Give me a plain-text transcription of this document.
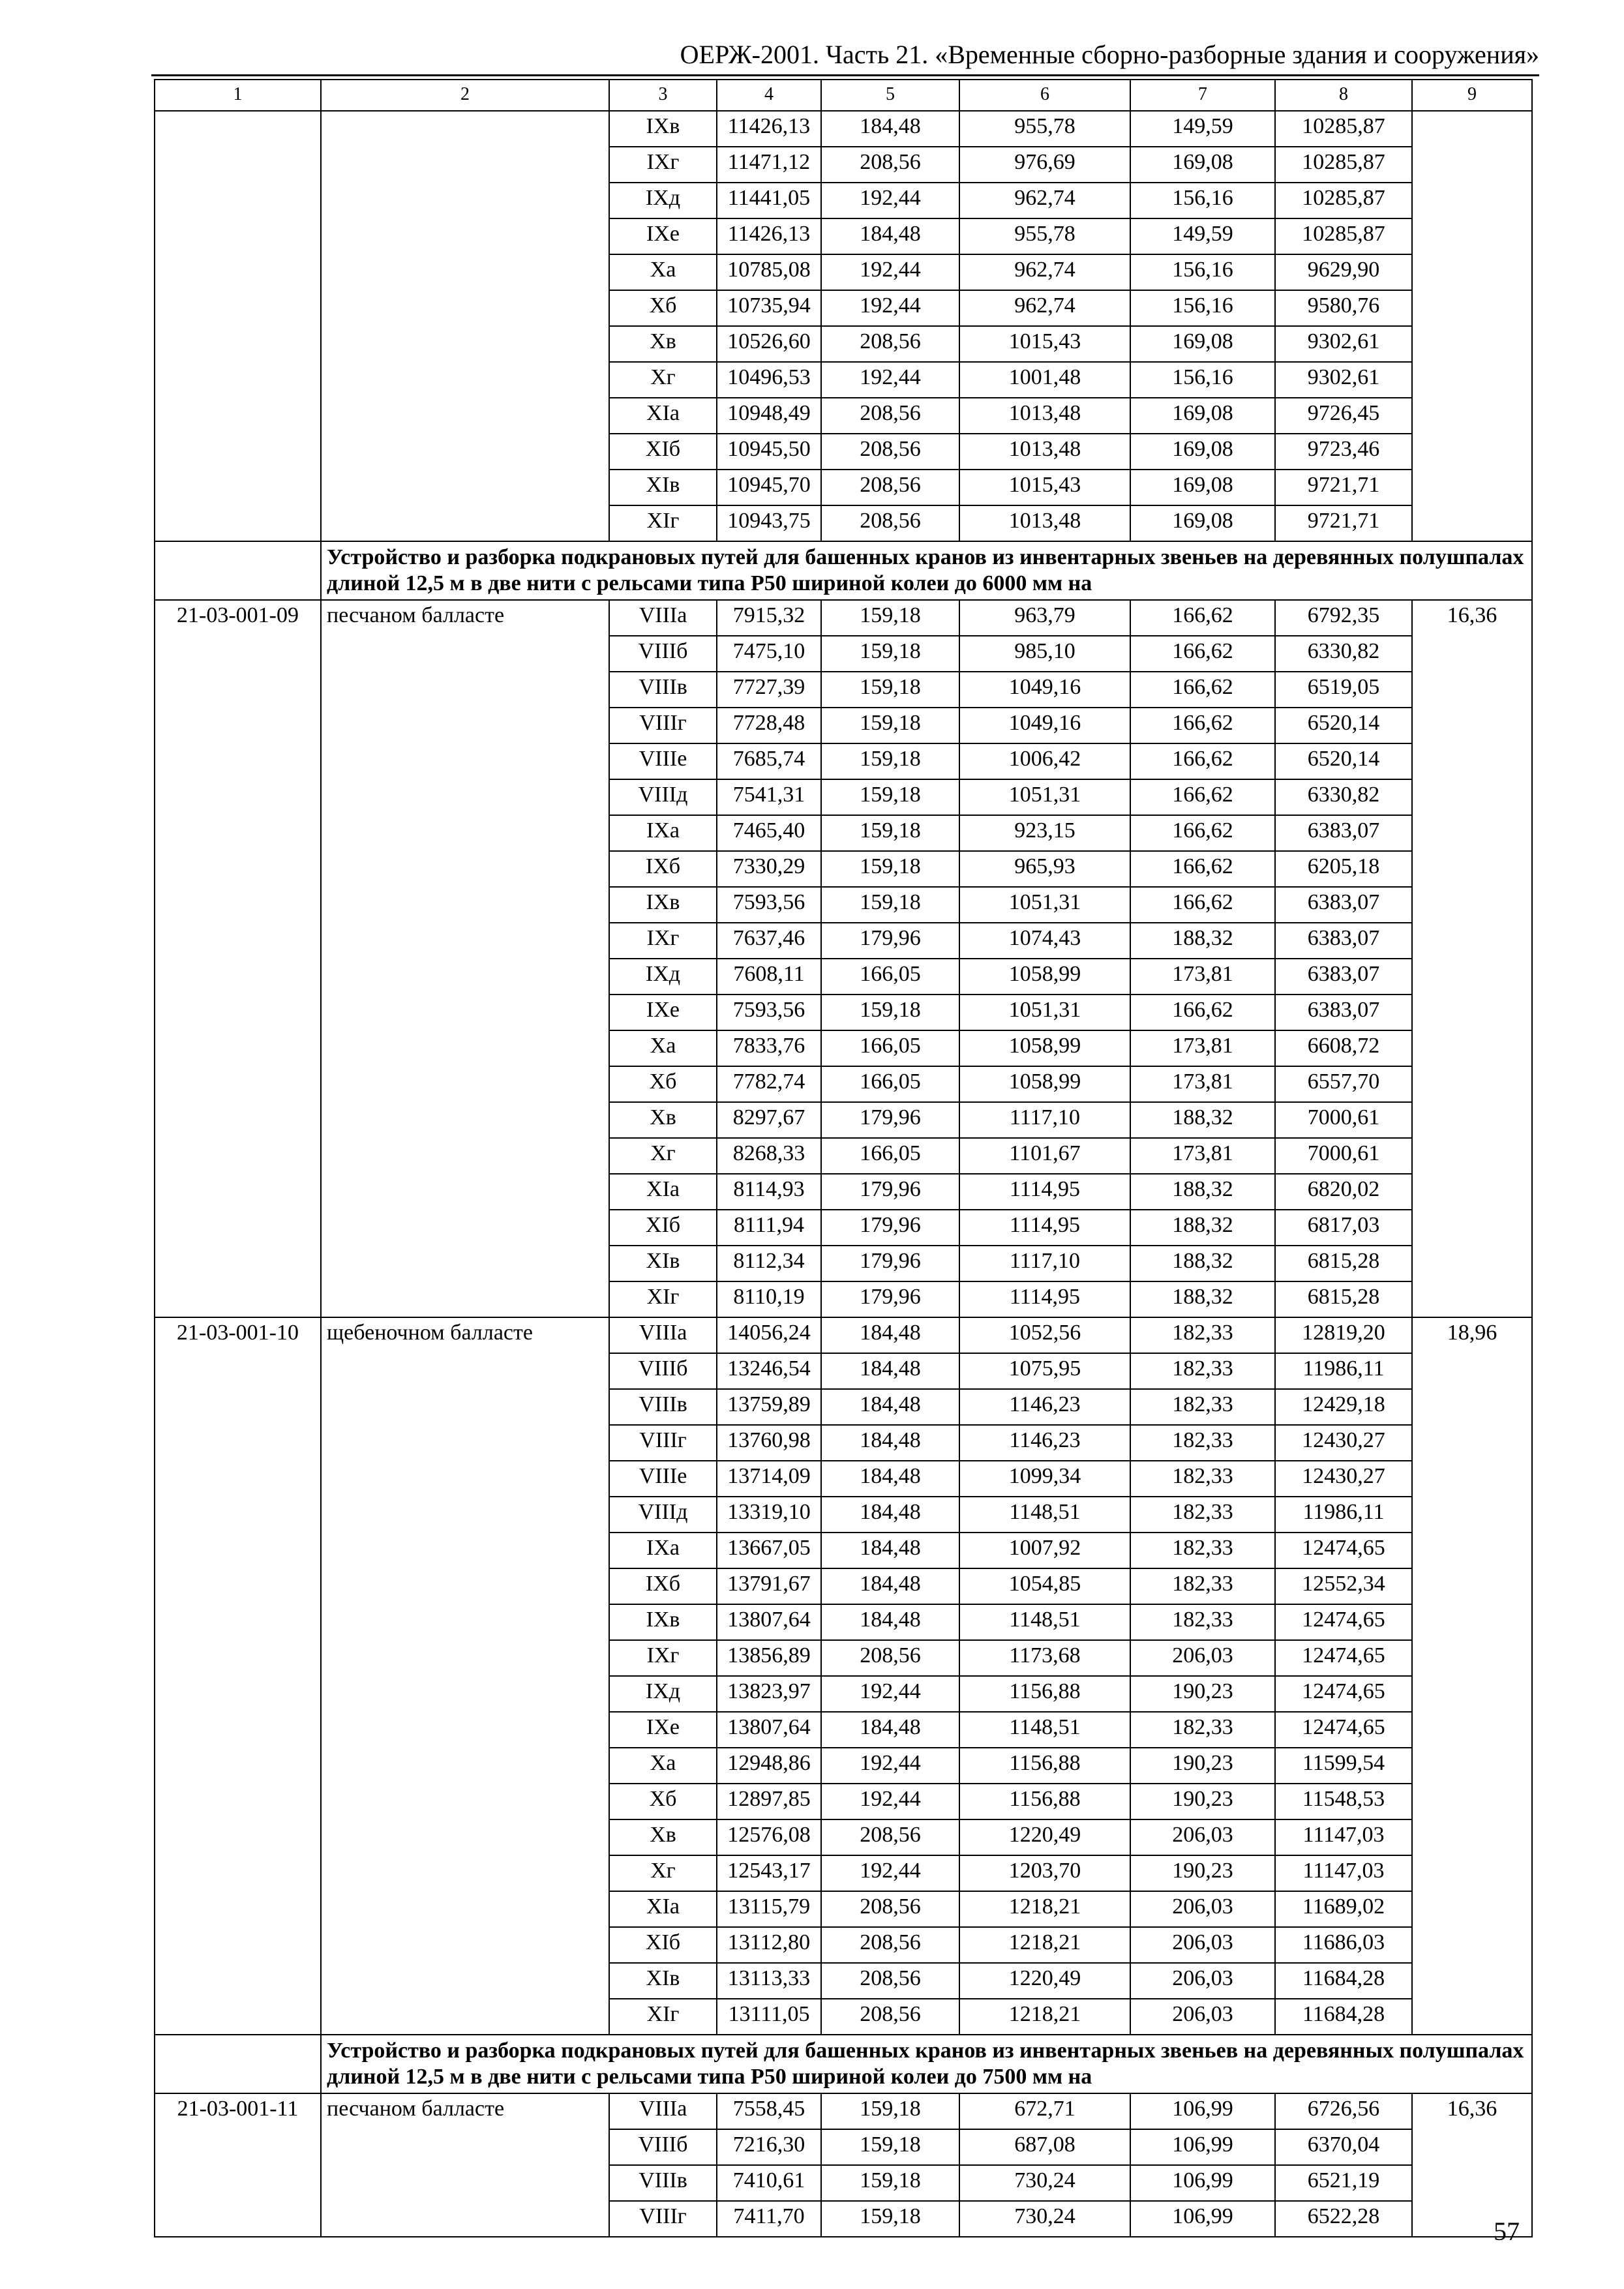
ОЕРЖ-2001. Часть 21. «Временные сборно-разборные здания и сооружения»
1	2	3	4	5	6	7	8	9
		IXв	11426,13	184,48	955,78	149,59	10285,87	
		IXг	11471,12	208,56	976,69	169,08	10285,87	
		IXд	11441,05	192,44	962,74	156,16	10285,87	
		IXе	11426,13	184,48	955,78	149,59	10285,87	
		Xа	10785,08	192,44	962,74	156,16	9629,90	
		Xб	10735,94	192,44	962,74	156,16	9580,76	
		Xв	10526,60	208,56	1015,43	169,08	9302,61	
		Xг	10496,53	192,44	1001,48	156,16	9302,61	
		XIа	10948,49	208,56	1013,48	169,08	9726,45	
		XIб	10945,50	208,56	1013,48	169,08	9723,46	
		XIв	10945,70	208,56	1015,43	169,08	9721,71	
		XIг	10943,75	208,56	1013,48	169,08	9721,71	
	Устройство и разборка подкрановых путей для башенных кранов из инвентарных звеньев на деревянных полушпалах длиной 12,5 м в две нити с рельсами типа Р50 шириной колеи до 6000 мм на							
21-03-001-09	песчаном балласте	VIIIа	7915,32	159,18	963,79	166,62	6792,35	16,36
		VIIIб	7475,10	159,18	985,10	166,62	6330,82	
		VIIIв	7727,39	159,18	1049,16	166,62	6519,05	
		VIIIг	7728,48	159,18	1049,16	166,62	6520,14	
		VIIIе	7685,74	159,18	1006,42	166,62	6520,14	
		VIIIд	7541,31	159,18	1051,31	166,62	6330,82	
		IXа	7465,40	159,18	923,15	166,62	6383,07	
		IXб	7330,29	159,18	965,93	166,62	6205,18	
		IXв	7593,56	159,18	1051,31	166,62	6383,07	
		IXг	7637,46	179,96	1074,43	188,32	6383,07	
		IXд	7608,11	166,05	1058,99	173,81	6383,07	
		IXе	7593,56	159,18	1051,31	166,62	6383,07	
		Xа	7833,76	166,05	1058,99	173,81	6608,72	
		Xб	7782,74	166,05	1058,99	173,81	6557,70	
		Xв	8297,67	179,96	1117,10	188,32	7000,61	
		Xг	8268,33	166,05	1101,67	173,81	7000,61	
		XIа	8114,93	179,96	1114,95	188,32	6820,02	
		XIб	8111,94	179,96	1114,95	188,32	6817,03	
		XIв	8112,34	179,96	1117,10	188,32	6815,28	
		XIг	8110,19	179,96	1114,95	188,32	6815,28	
21-03-001-10	щебеночном балласте	VIIIа	14056,24	184,48	1052,56	182,33	12819,20	18,96
		VIIIб	13246,54	184,48	1075,95	182,33	11986,11	
		VIIIв	13759,89	184,48	1146,23	182,33	12429,18	
		VIIIг	13760,98	184,48	1146,23	182,33	12430,27	
		VIIIе	13714,09	184,48	1099,34	182,33	12430,27	
		VIIIд	13319,10	184,48	1148,51	182,33	11986,11	
		IXа	13667,05	184,48	1007,92	182,33	12474,65	
		IXб	13791,67	184,48	1054,85	182,33	12552,34	
		IXв	13807,64	184,48	1148,51	182,33	12474,65	
		IXг	13856,89	208,56	1173,68	206,03	12474,65	
		IXд	13823,97	192,44	1156,88	190,23	12474,65	
		IXе	13807,64	184,48	1148,51	182,33	12474,65	
		Xа	12948,86	192,44	1156,88	190,23	11599,54	
		Xб	12897,85	192,44	1156,88	190,23	11548,53	
		Xв	12576,08	208,56	1220,49	206,03	11147,03	
		Xг	12543,17	192,44	1203,70	190,23	11147,03	
		XIа	13115,79	208,56	1218,21	206,03	11689,02	
		XIб	13112,80	208,56	1218,21	206,03	11686,03	
		XIв	13113,33	208,56	1220,49	206,03	11684,28	
		XIг	13111,05	208,56	1218,21	206,03	11684,28	
	Устройство и разборка подкрановых путей для башенных кранов из инвентарных звеньев на деревянных полушпалах длиной 12,5 м в две нити с рельсами типа Р50 шириной колеи до 7500 мм на							
21-03-001-11	песчаном балласте	VIIIа	7558,45	159,18	672,71	106,99	6726,56	16,36
		VIIIб	7216,30	159,18	687,08	106,99	6370,04	
		VIIIв	7410,61	159,18	730,24	106,99	6521,19	
		VIIIг	7411,70	159,18	730,24	106,99	6522,28	
57
